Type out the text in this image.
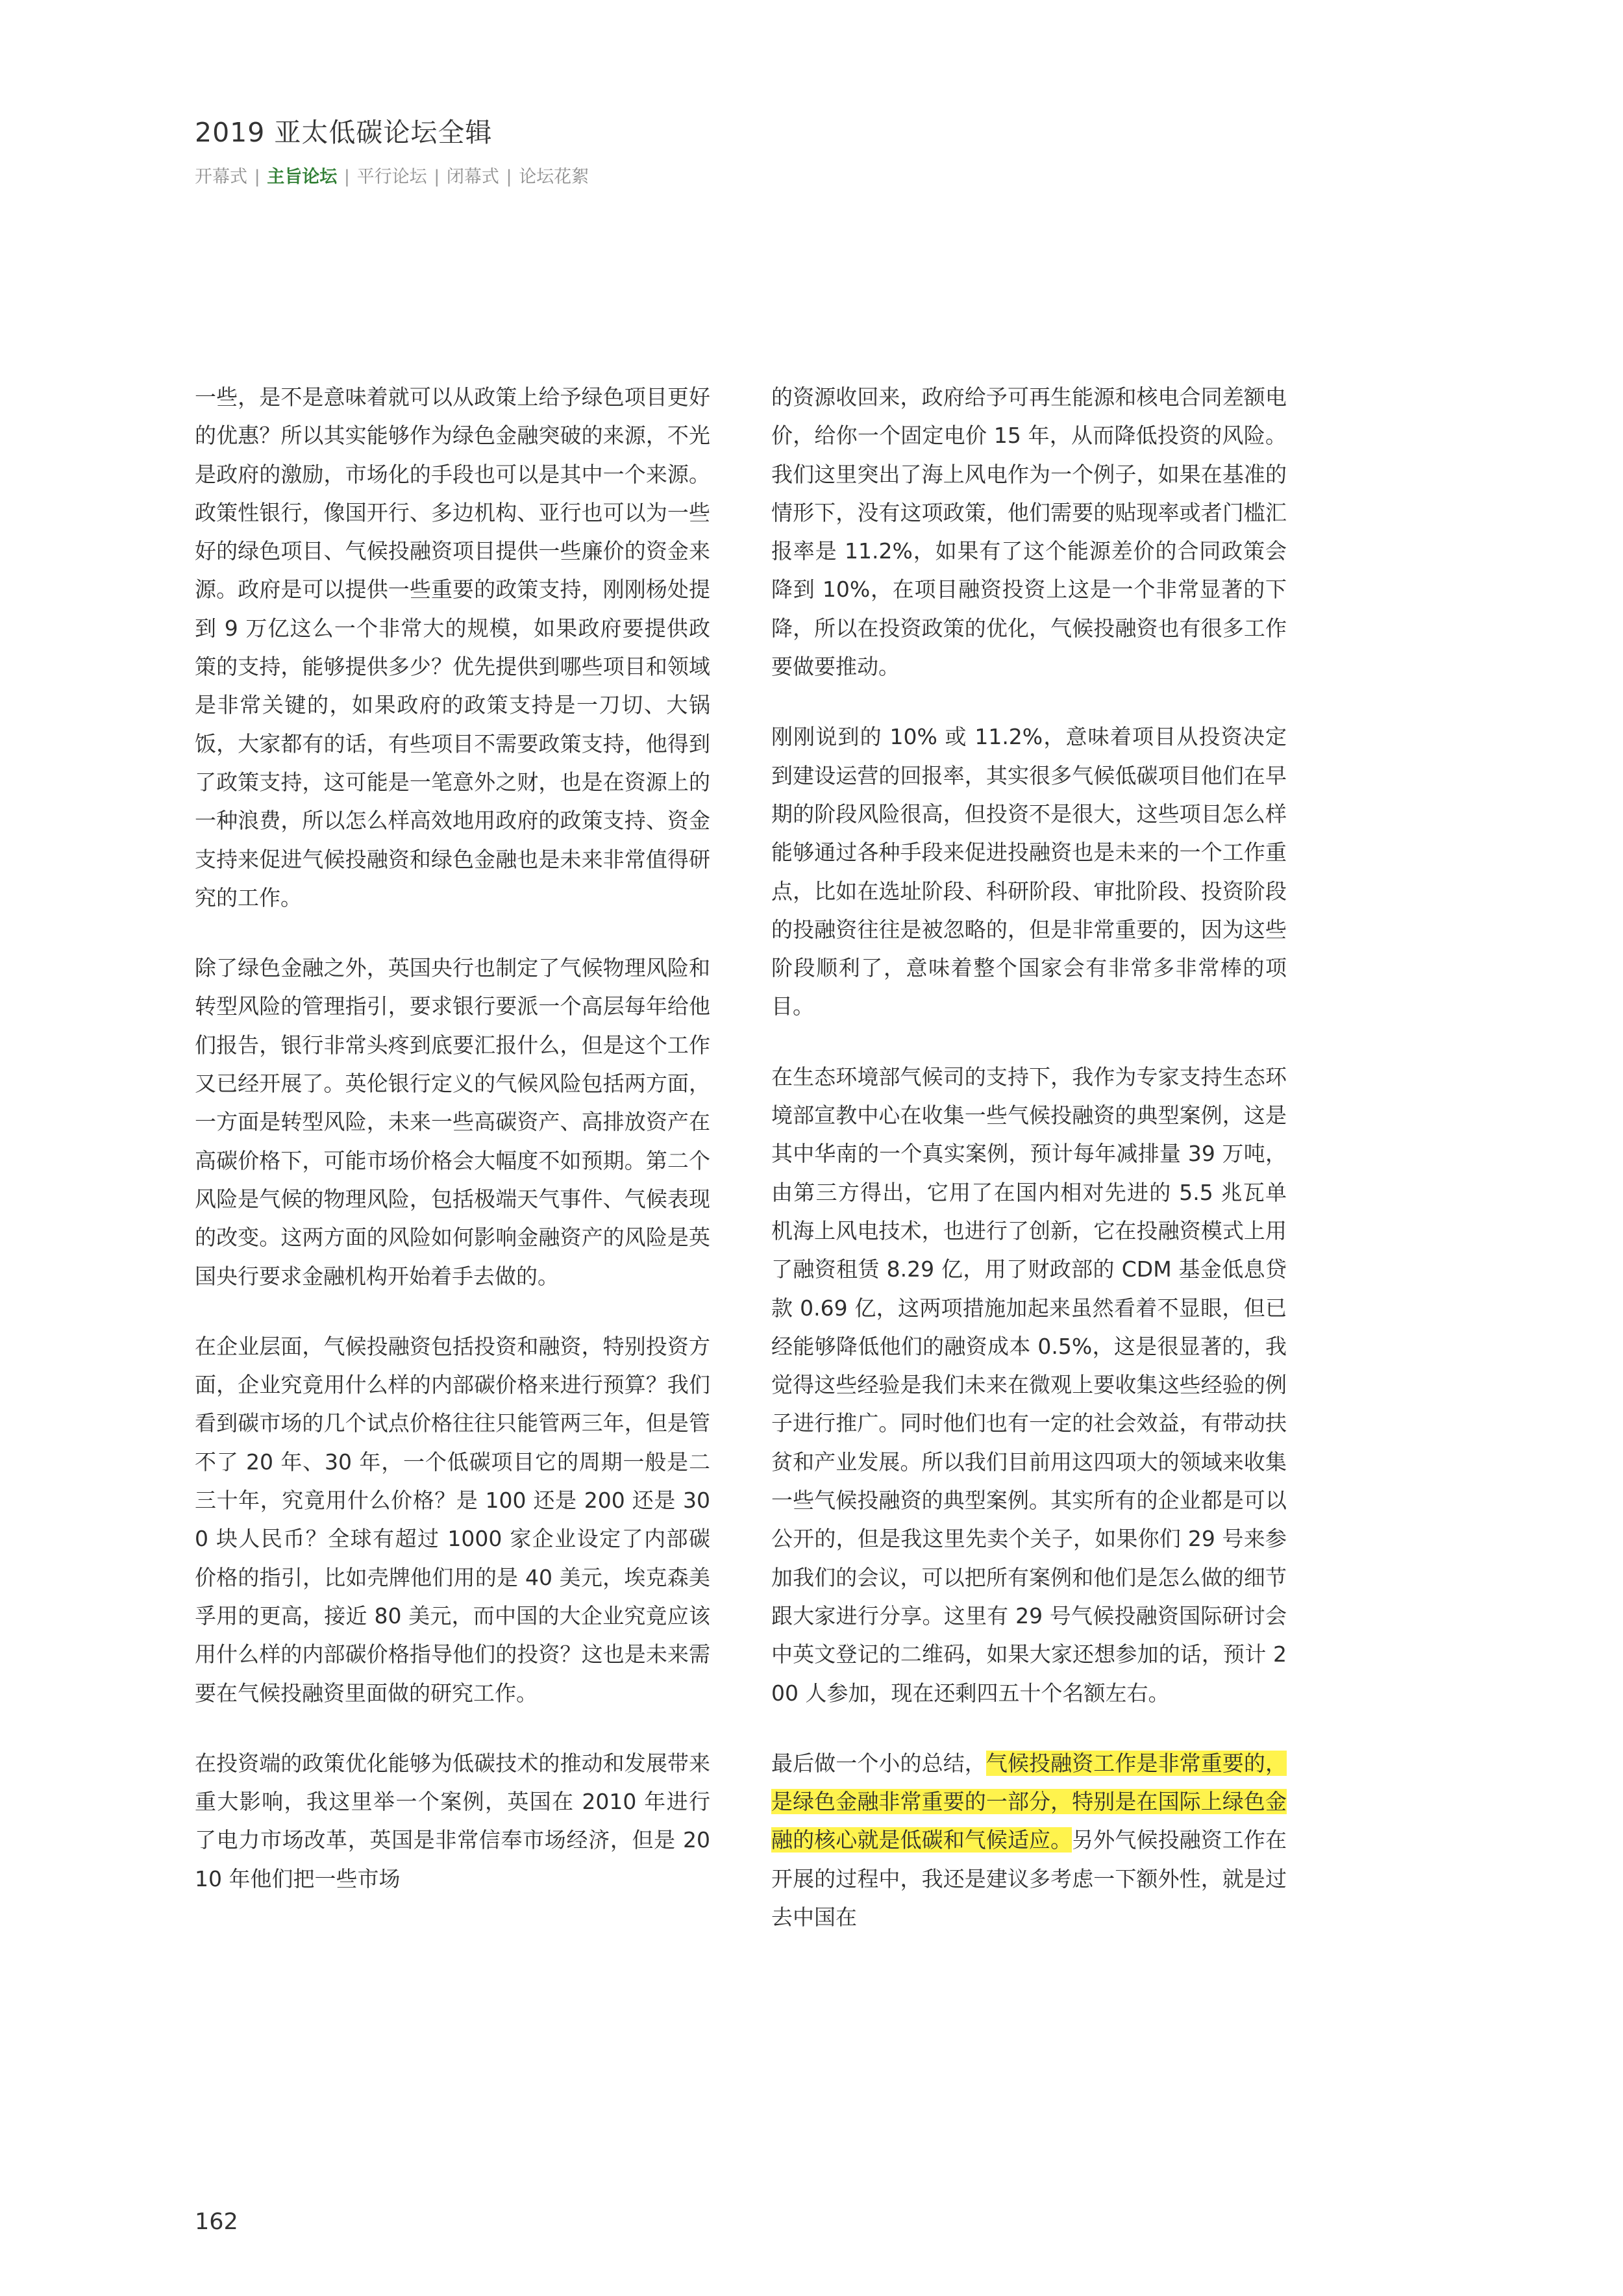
2019 亚太低碳论坛全辑
开幕式 | 主旨论坛 | 平行论坛 | 闭幕式 | 论坛花絮

一些，是不是意味着就可以从政策上给予绿色项目更好的优惠？所以其实能够作为绿色金融突破的来源，不光是政府的激励，市场化的手段也可以是其中一个来源。政策性银行，像国开行、多边机构、亚行也可以为一些好的绿色项目、气候投融资项目提供一些廉价的资金来源。政府是可以提供一些重要的政策支持，刚刚杨处提到 9 万亿这么一个非常大的规模，如果政府要提供政策的支持，能够提供多少？优先提供到哪些项目和领域是非常关键的，如果政府的政策支持是一刀切、大锅饭，大家都有的话，有些项目不需要政策支持，他得到了政策支持，这可能是一笔意外之财，也是在资源上的一种浪费，所以怎么样高效地用政府的政策支持、资金支持来促进气候投融资和绿色金融也是未来非常值得研究的工作。

除了绿色金融之外，英国央行也制定了气候物理风险和转型风险的管理指引，要求银行要派一个高层每年给他们报告，银行非常头疼到底要汇报什么，但是这个工作又已经开展了。英伦银行定义的气候风险包括两方面，一方面是转型风险，未来一些高碳资产、高排放资产在高碳价格下，可能市场价格会大幅度不如预期。第二个风险是气候的物理风险，包括极端天气事件、气候表现的改变。这两方面的风险如何影响金融资产的风险是英国央行要求金融机构开始着手去做的。

在企业层面，气候投融资包括投资和融资，特别投资方面，企业究竟用什么样的内部碳价格来进行预算？我们看到碳市场的几个试点价格往往只能管两三年，但是管不了 20 年、30 年，一个低碳项目它的周期一般是二三十年，究竟用什么价格？是 100 还是 200 还是 300 块人民币？全球有超过 1000 家企业设定了内部碳价格的指引，比如壳牌他们用的是 40 美元，埃克森美孚用的更高，接近 80 美元，而中国的大企业究竟应该用什么样的内部碳价格指导他们的投资？这也是未来需要在气候投融资里面做的研究工作。

在投资端的政策优化能够为低碳技术的推动和发展带来重大影响，我这里举一个案例，英国在 2010 年进行了电力市场改革，英国是非常信奉市场经济，但是 2010 年他们把一些市场

的资源收回来，政府给予可再生能源和核电合同差额电价，给你一个固定电价 15 年，从而降低投资的风险。我们这里突出了海上风电作为一个例子，如果在基准的情形下，没有这项政策，他们需要的贴现率或者门槛汇报率是 11.2%，如果有了这个能源差价的合同政策会降到 10%，在项目融资投资上这是一个非常显著的下降，所以在投资政策的优化，气候投融资也有很多工作要做要推动。

刚刚说到的 10% 或 11.2%，意味着项目从投资决定到建设运营的回报率，其实很多气候低碳项目他们在早期的阶段风险很高，但投资不是很大，这些项目怎么样能够通过各种手段来促进投融资也是未来的一个工作重点，比如在选址阶段、科研阶段、审批阶段、投资阶段的投融资往往是被忽略的，但是非常重要的，因为这些阶段顺利了，意味着整个国家会有非常多非常棒的项目。

在生态环境部气候司的支持下，我作为专家支持生态环境部宣教中心在收集一些气候投融资的典型案例，这是其中华南的一个真实案例，预计每年减排量 39 万吨，由第三方得出，它用了在国内相对先进的 5.5 兆瓦单机海上风电技术，也进行了创新，它在投融资模式上用了融资租赁 8.29 亿，用了财政部的 CDM 基金低息贷款 0.69 亿，这两项措施加起来虽然看着不显眼，但已经能够降低他们的融资成本 0.5%，这是很显著的，我觉得这些经验是我们未来在微观上要收集这些经验的例子进行推广。同时他们也有一定的社会效益，有带动扶贫和产业发展。所以我们目前用这四项大的领域来收集一些气候投融资的典型案例。其实所有的企业都是可以公开的，但是我这里先卖个关子，如果你们 29 号来参加我们的会议，可以把所有案例和他们是怎么做的细节跟大家进行分享。这里有 29 号气候投融资国际研讨会中英文登记的二维码，如果大家还想参加的话，预计 200 人参加，现在还剩四五十个名额左右。

最后做一个小的总结，气候投融资工作是非常重要的，是绿色金融非常重要的一部分，特别是在国际上绿色金融的核心就是低碳和气候适应。另外气候投融资工作在开展的过程中，我还是建议多考虑一下额外性，就是过去中国在

162
